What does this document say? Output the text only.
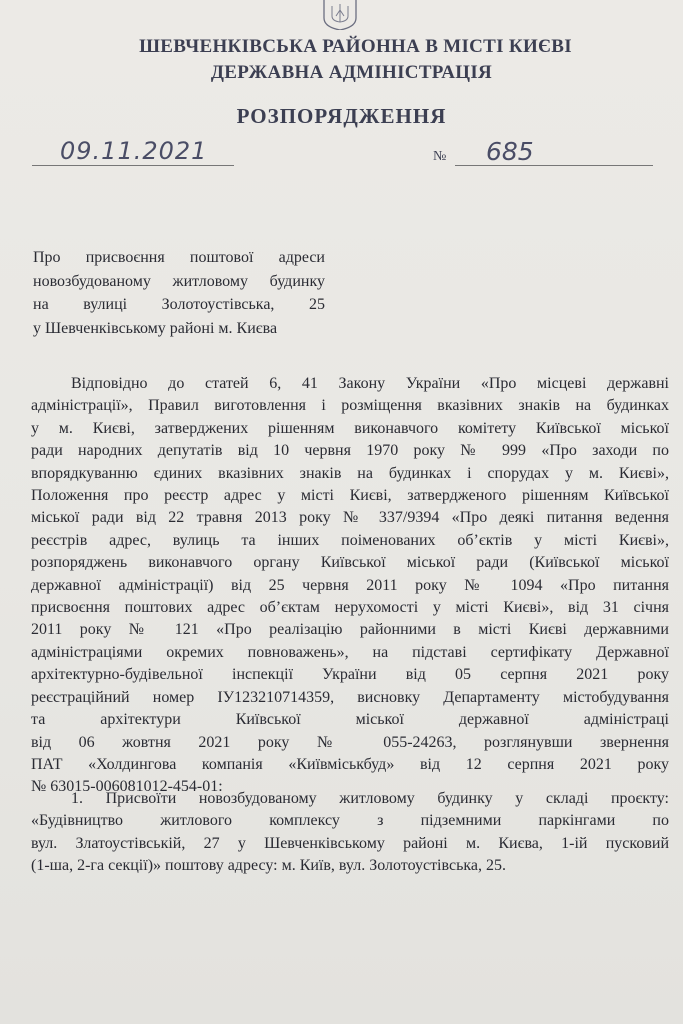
ШЕВЧЕНКІВСЬКА РАЙОННА В МІСТІ КИЄВІ
ДЕРЖАВНА АДМІНІСТРАЦІЯ
РОЗПОРЯДЖЕННЯ
09.11.2021	№ 685
Про присвоєння поштової адреси
новозбудованому житловому будинку
на вулиці Золотоустівська, 25
у Шевченківському районі м. Києва
Відповідно до статей 6, 41 Закону України «Про місцеві державні
адміністрації», Правил виготовлення і розміщення вказівних знаків на будинках
у м. Києві, затверджених рішенням виконавчого комітету Київської міської
ради народних депутатів від 10 червня 1970 року № 999 «Про заходи по
впорядкуванню єдиних вказівних знаків на будинках і спорудах у м. Києві»,
Положення про реєстр адрес у місті Києві, затвердженого рішенням Київської
міської ради від 22 травня 2013 року № 337/9394 «Про деякі питання ведення
реєстрів адрес, вулиць та інших поіменованих об’єктів у місті Києві»,
розпоряджень виконавчого органу Київської міської ради (Київської міської
державної адміністрації) від 25 червня 2011 року № 1094 «Про питання
присвоєння поштових адрес об’єктам нерухомості у місті Києві», від 31 січня
2011 року № 121 «Про реалізацію районними в місті Києві державними
адміністраціями окремих повноважень», на підставі сертифікату Державної
архітектурно-будівельної інспекції України від 05 серпня 2021 року
реєстраційний номер ІУ123210714359, висновку Департаменту містобудування
та архітектури Київської міської державної адміністраці
від 06 жовтня 2021 року № 055-24263, розглянувши звернення
ПАТ «Холдингова компанія «Київміськбуд» від 12 серпня 2021 року
№ 63015-006081012-454-01:
1. Присвоїти новозбудованому житловому будинку у складі проєкту:
«Будівництво житлового комплексу з підземними паркінгами по
вул. Златоустівській, 27 у Шевченківському районі м. Києва, 1-ій пусковий
(1-ша, 2-га секції)» поштову адресу: м. Київ, вул. Золотоустівська, 25.
